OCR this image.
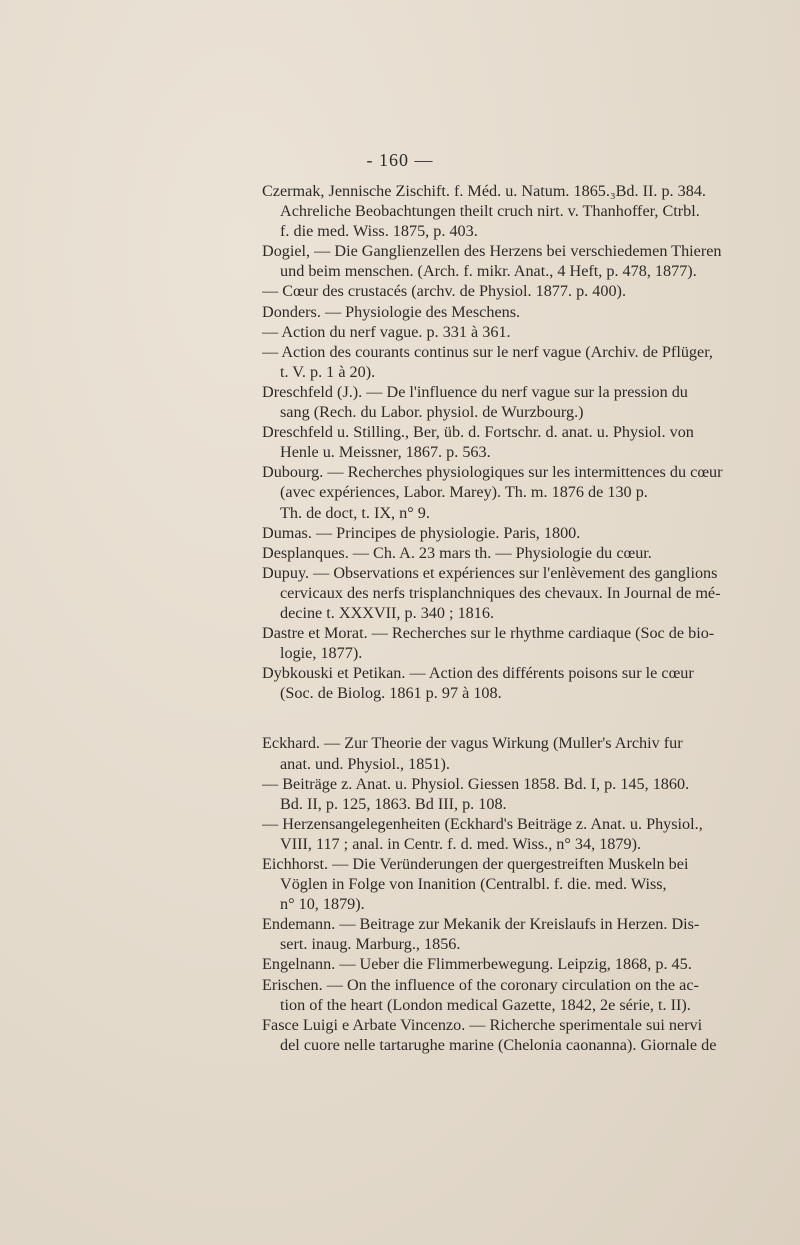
- 160 —
Czermak, Jennische Zischift. f. Méd. u. Natum. 1865.₃Bd. II. p. 384.
Achreliche Beobachtungen theilt cruch nirt. v. Thanhoffer, Ctrbl.
f. die med. Wiss. 1875, p. 403.
Dogiel, — Die Ganglienzellen des Herzens bei verschiedemen Thieren
und beim menschen. (Arch. f. mikr. Anat., 4 Heft, p. 478, 1877).
— Cœur des crustacés (archv. de Physiol. 1877. p. 400).
Donders. — Physiologie des Meschens.
— Action du nerf vague. p. 331 à 361.
— Action des courants continus sur le nerf vague (Archiv. de Pflüger,
t. V. p. 1 à 20).
Dreschfeld (J.). — De l'influence du nerf vague sur la pression du
sang (Rech. du Labor. physiol. de Wurzbourg.)
Dreschfeld u. Stilling., Ber, üb. d. Fortschr. d. anat. u. Physiol. von
Henle u. Meissner, 1867. p. 563.
Dubourg. — Recherches physiologiques sur les intermittences du cœur
(avec expériences, Labor. Marey). Th. m. 1876 de 130 p.
Th. de doct, t. IX, n° 9.
Dumas. — Principes de physiologie. Paris, 1800.
Desplanques. — Ch. A. 23 mars th. — Physiologie du cœur.
Dupuy. — Observations et expériences sur l'enlèvement des ganglions
cervicaux des nerfs trisplanchniques des chevaux. In Journal de mé-
decine t. XXXVII, p. 340 ; 1816.
Dastre et Morat. — Recherches sur le rhythme cardiaque (Soc de bio-
logie, 1877).
Dybkouski et Petikan. — Action des différents poisons sur le cœur
(Soc. de Biolog. 1861 p. 97 à 108.
Eckhard. — Zur Theorie der vagus Wirkung (Muller's Archiv fur
anat. und. Physiol., 1851).
— Beiträge z. Anat. u. Physiol. Giessen 1858. Bd. I, p. 145, 1860.
Bd. II, p. 125, 1863. Bd III, p. 108.
— Herzensangelegenheiten (Eckhard's Beiträge z. Anat. u. Physiol.,
VIII, 117 ; anal. in Centr. f. d. med. Wiss., n° 34, 1879).
Eichhorst. — Die Veründerungen der quergestreiften Muskeln bei
Vöglen in Folge von Inanition (Centralbl. f. die. med. Wiss,
n° 10, 1879).
Endemann. — Beitrage zur Mekanik der Kreislaufs in Herzen. Dis-
sert. inaug. Marburg., 1856.
Engelnann. — Ueber die Flimmerbewegung. Leipzig, 1868, p. 45.
Erischen. — On the influence of the coronary circulation on the ac-
tion of the heart (London medical Gazette, 1842, 2e série, t. II).
Fasce Luigi e Arbate Vincenzo. — Richerche sperimentale sui nervi
del cuore nelle tartarughe marine (Chelonia caonanna). Giornale de
